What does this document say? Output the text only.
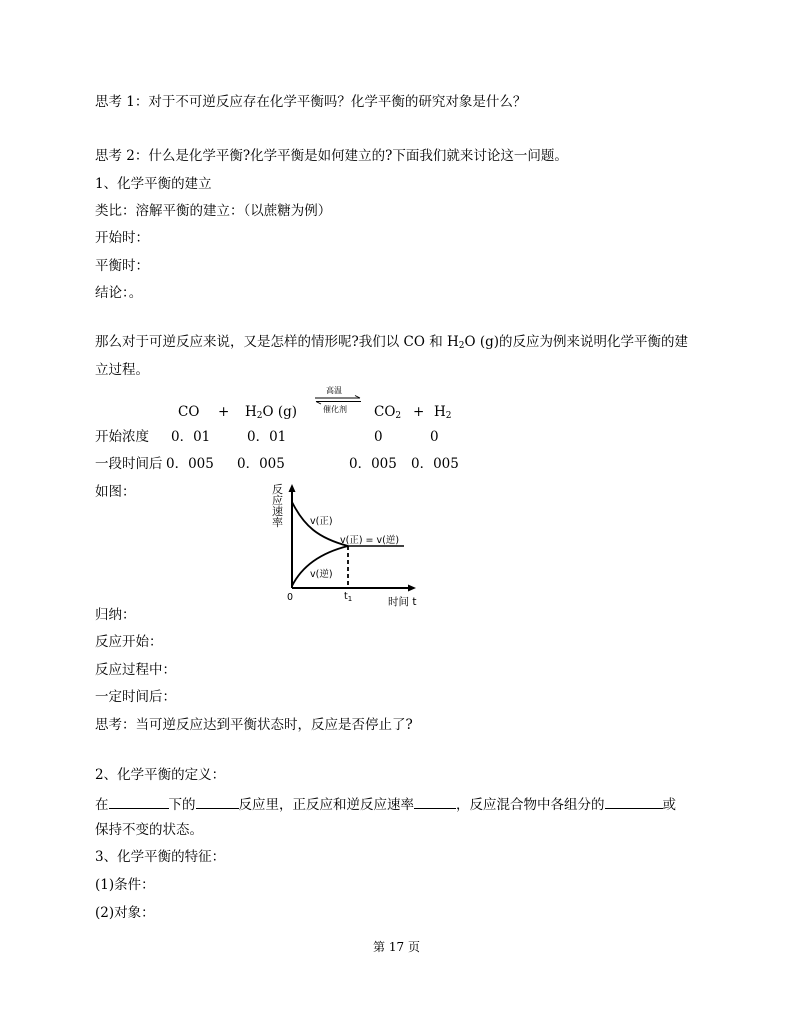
思考 1：对于不可逆反应存在化学平衡吗？化学平衡的研究对象是什么？
思考 2：什么是化学平衡?化学平衡是如何建立的?下面我们就来讨论这一问题。
1、化学平衡的建立
类比：溶解平衡的建立：（以蔗糖为例）
开始时：
平衡时：
结论：。
那么对于可逆反应来说，又是怎样的情形呢?我们以 CO 和 $H_2O$ (g)的反应为例来说明化学平衡的建
立过程。
CO + $H_2O$ (g)
高温
催化剂 $CO_2 + H_2$
开始浓度 0．01	0．01	0	0
一段时间后 0．005 0．005	0．005 0．005
如图：	反
应
速
率	v(正)
v(正) = v(逆)
v(逆)
0	$t_1$	时间 t
归纳：
反应开始：
反应过程中：
一定时间后：
思考：当可逆反应达到平衡状态时，反应是否停止了?
2、化学平衡的定义：
在	下的	反应里，正反应和逆反应速率	，反应混合物中各组分的	或
保持不变的状态。
3、化学平衡的特征：
(1)条件：
(2)对象：
第 17 页
